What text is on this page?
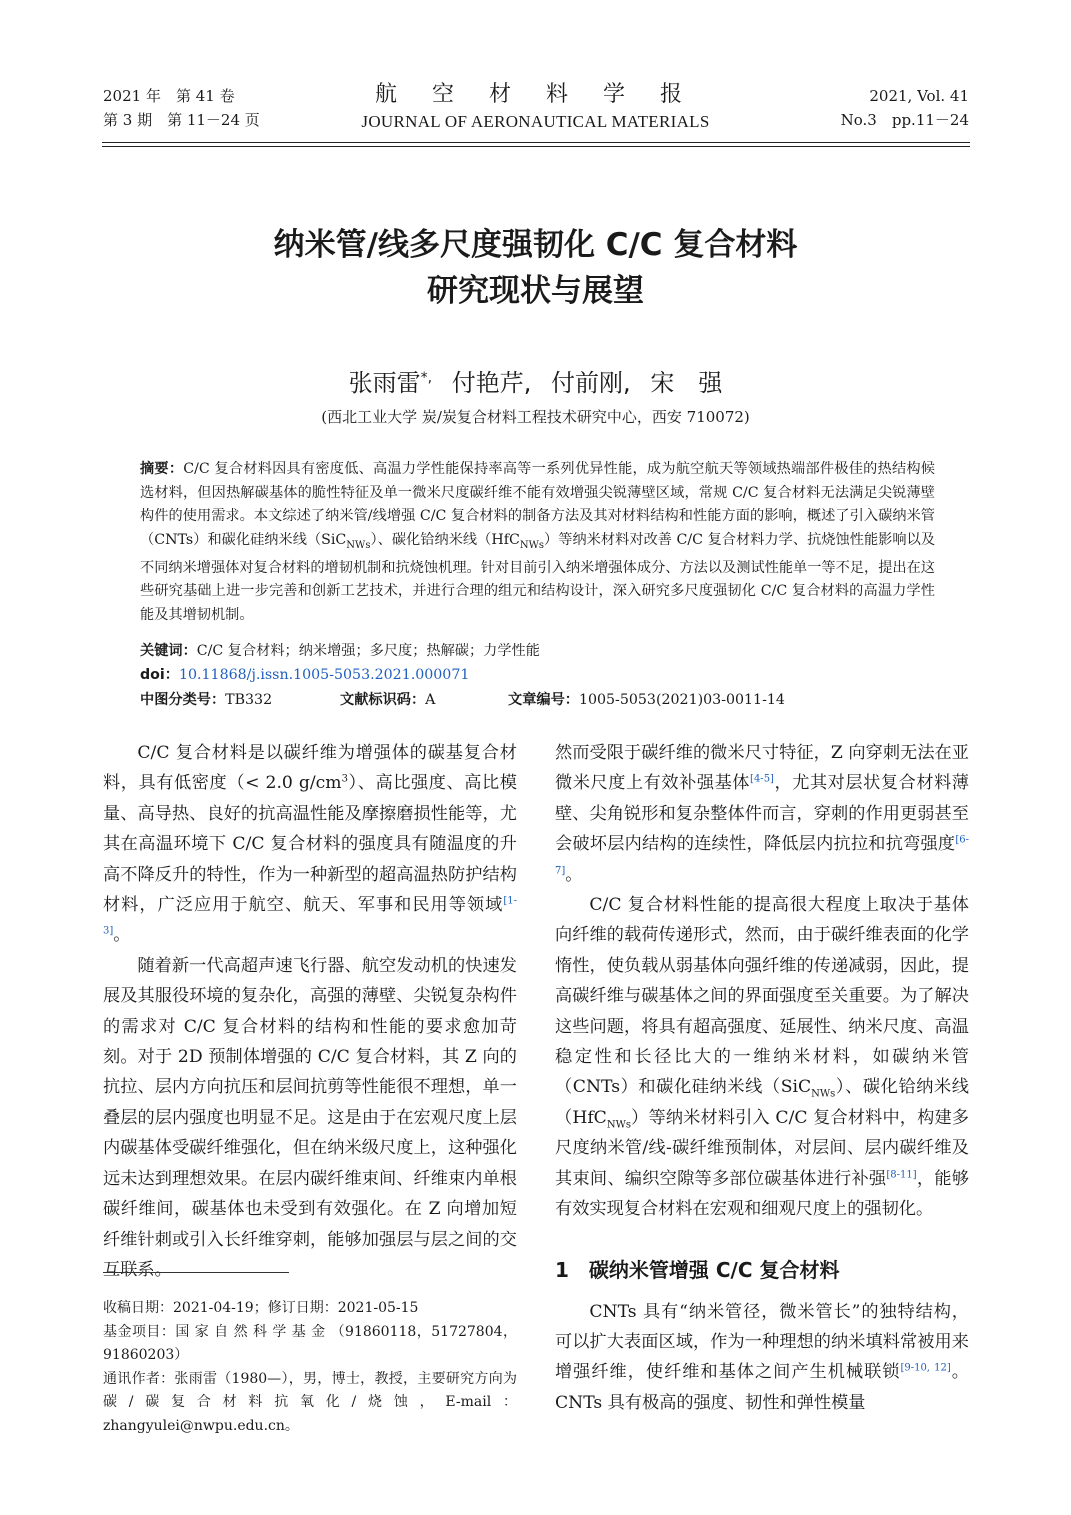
2021 年　第 41 卷
第 3 期　第 11－24 页
航 空 材 料 学 报
JOURNAL OF AERONAUTICAL MATERIALS
2021, Vol. 41
No.3　pp.11－24
纳米管/线多尺度强韧化 C/C 复合材料
研究现状与展望
张雨雷*, 付艳芹, 付前刚, 宋　强
(西北工业大学 炭/炭复合材料工程技术研究中心，西安 710072)
摘要：C/C 复合材料因具有密度低、高温力学性能保持率高等一系列优异性能，成为航空航天等领域热端部件极佳的热结构候选材料，但因热解碳基体的脆性特征及单一微米尺度碳纤维不能有效增强尖锐薄壁区域，常规 C/C 复合材料无法满足尖锐薄壁构件的使用需求。本文综述了纳米管/线增强 C/C 复合材料的制备方法及其对材料结构和性能方面的影响，概述了引入碳纳米管（CNTs）和碳化硅纳米线（SiC$_{NWs}$）、碳化铪纳米线（HfC$_{NWs}$）等纳米材料对改善 C/C 复合材料力学、抗烧蚀性能影响以及不同纳米增强体对复合材料的增韧机制和抗烧蚀机理。针对目前引入纳米增强体成分、方法以及测试性能单一等不足，提出在这些研究基础上进一步完善和创新工艺技术，并进行合理的组元和结构设计，深入研究多尺度强韧化 C/C 复合材料的高温力学性能及其增韧机制。
关键词：C/C 复合材料；纳米增强；多尺度；热解碳；力学性能
doi：10.11868/j.issn.1005-5053.2021.000071
中图分类号：TB332	文献标识码：A	文章编号：1005-5053(2021)03-0011-14

C/C 复合材料是以碳纤维为增强体的碳基复合材料，具有低密度（< 2.0 $g/cm^3$）、高比强度、高比模量、高导热、良好的抗高温性能及摩擦磨损性能等，尤其在高温环境下 C/C 复合材料的强度具有随温度的升高不降反升的特性，作为一种新型的超高温热防护结构材料，广泛应用于航空、航天、军事和民用等领域[1-3]。

随着新一代高超声速飞行器、航空发动机的快速发展及其服役环境的复杂化，高强的薄壁、尖锐复杂构件的需求对 C/C 复合材料的结构和性能的要求愈加苛刻。对于 2D 预制体增强的 C/C 复合材料，其 Z 向的抗拉、层内方向抗压和层间抗剪等性能很不理想，单一叠层的层内强度也明显不足。这是由于在宏观尺度上层内碳基体受碳纤维强化，但在纳米级尺度上，这种强化远未达到理想效果。在层内碳纤维束间、纤维束内单根碳纤维间，碳基体也未受到有效强化。在 Z 向增加短纤维针刺或引入长纤维穿刺，能够加强层与层之间的交互联系。

然而受限于碳纤维的微米尺寸特征，Z 向穿刺无法在亚微米尺度上有效补强基体[4-5]，尤其对层状复合材料薄壁、尖角锐形和复杂整体件而言，穿刺的作用更弱甚至会破坏层内结构的连续性，降低层内抗拉和抗弯强度[6-7]。

C/C 复合材料性能的提高很大程度上取决于基体向纤维的载荷传递形式，然而，由于碳纤维表面的化学惰性，使负载从弱基体向强纤维的传递减弱，因此，提高碳纤维与碳基体之间的界面强度至关重要。为了解决这些问题，将具有超高强度、延展性、纳米尺度、高温稳定性和长径比大的一维纳米材料，如碳纳米管（CNTs）和碳化硅纳米线（SiC$_{NWs}$）、碳化铪纳米线（HfC$_{NWs}$）等纳米材料引入 C/C 复合材料中，构建多尺度纳米管/线-碳纤维预制体，对层间、层内碳纤维及其束间、编织空隙等多部位碳基体进行补强[8-11]，能够有效实现复合材料在宏观和细观尺度上的强韧化。

1 碳纳米管增强 C/C 复合材料

CNTs 具有“纳米管径，微米管长”的独特结构，可以扩大表面区域，作为一种理想的纳米填料常被用来增强纤维，使纤维和基体之间产生机械联锁[9-10, 12]。CNTs 具有极高的强度、韧性和弹性模量

收稿日期：2021-04-19；修订日期：2021-05-15

基金项目：国 家 自 然 科 学 基 金 （91860118，51727804，91860203）

通讯作者：张雨雷（1980—），男，博士，教授，主要研究方向为碳/碳复合材料抗氧化/烧蚀，E-mail：zhangyulei@nwpu.edu.cn。
